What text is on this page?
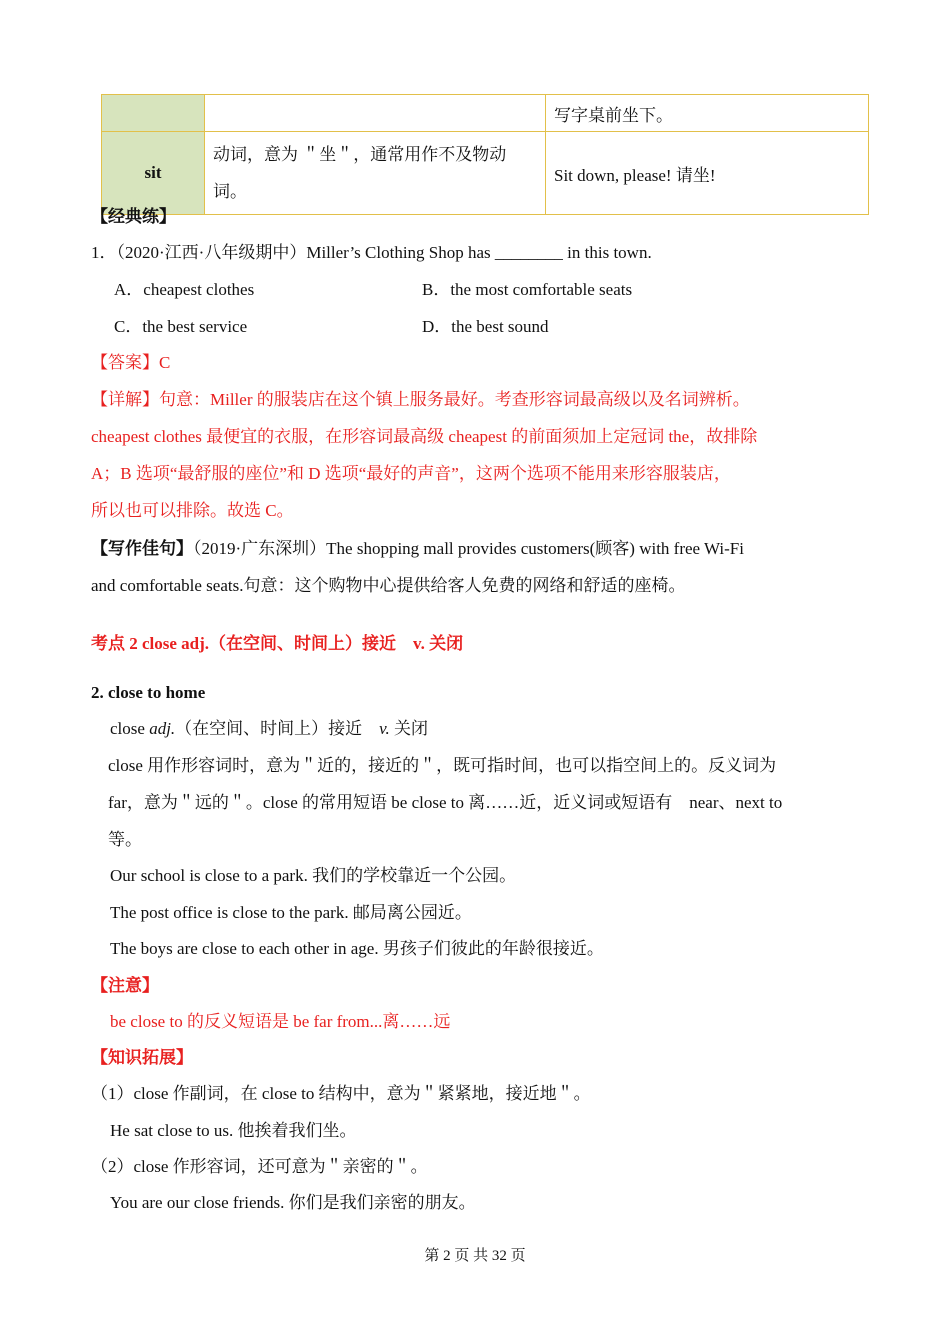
		写字桌前坐下。
sit	动词，意为 ＂坐＂，通常用作不及物动词。	Sit down, please! 请坐!
【经典练】
1．（2020·江西·八年级期中）Miller’s Clothing Shop has ________ in this town.
A．cheapest clothes	B．the most comfortable seats
C．the best service	D．the best sound
【答案】C
【详解】句意：Miller 的服装店在这个镇上服务最好。考查形容词最高级以及名词辨析。
cheapest clothes 最便宜的衣服，在形容词最高级 cheapest 的前面须加上定冠词 the，故排除
A；B 选项“最舒服的座位”和 D 选项“最好的声音”，这两个选项不能用来形容服装店，
所以也可以排除。故选 C。
【写作佳句】（2019·广东深圳）The shopping mall provides customers(顾客) with free Wi-Fi
and comfortable seats.句意：这个购物中心提供给客人免费的网络和舒适的座椅。
考点 2 close adj.（在空间、时间上）接近　v. 关闭
2. close to home
close adj.（在空间、时间上）接近　v. 关闭
close 用作形容词时，意为＂近的，接近的＂，既可指时间，也可以指空间上的。反义词为
far，意为＂远的＂。close 的常用短语 be close to 离……近，近义词或短语有　near、next to
等。
Our school is close to a park. 我们的学校靠近一个公园。
The post office is close to the park. 邮局离公园近。
The boys are close to each other in age. 男孩子们彼此的年龄很接近。
【注意】
be close to 的反义短语是 be far from...离……远
【知识拓展】
（1）close 作副词，在 close to 结构中，意为＂紧紧地，接近地＂。
He sat close to us. 他挨着我们坐。
（2）close 作形容词，还可意为＂亲密的＂。
You are our close friends. 你们是我们亲密的朋友。
第 2 页 共 32 页
